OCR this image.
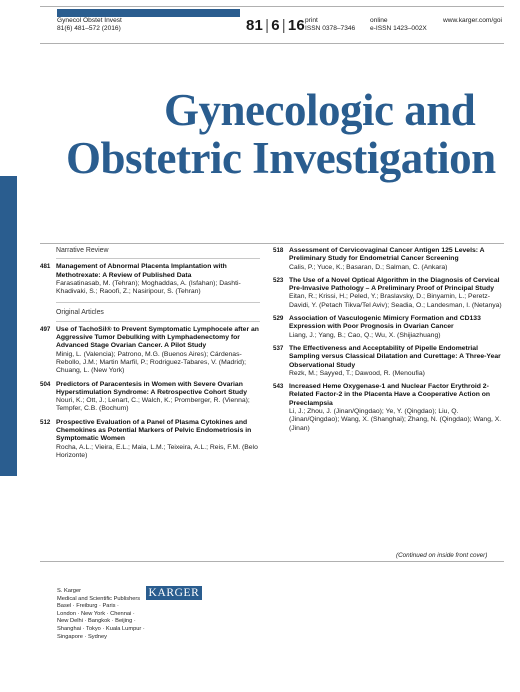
Gynecol Obstet Invest
81(6) 481–572 (2016)	81 | 6 | 16 print
ISSN 0378–7346
online
e-ISSN 1423–002X
www.karger.com/goi
Gynecologic and
Obstetric Investigation
Narrative Review
481 Management of Abnormal Placenta Implantation with Methotrexate: A Review of Published Data
Farasatinasab, M. (Tehran); Moghaddas, A. (Isfahan); Dashti-Khadivaki, S.; Raoofi, Z.; Nasiripour, S. (Tehran)
Original Articles
497 Use of TachoSil® to Prevent Symptomatic Lymphocele after an Aggressive Tumor Debulking with Lymphadenectomy for Advanced Stage Ovarian Cancer. A Pilot Study
Minig, L. (Valencia); Patrono, M.G. (Buenos Aires); Cárdenas-Rebollo, J.M.; Martin Marfil, P.; Rodriguez-Tabares, V. (Madrid); Chuang, L. (New York)
504 Predictors of Paracentesis in Women with Severe Ovarian Hyperstimulation Syndrome: A Retrospective Cohort Study
Nouri, K.; Ott, J.; Lenart, C.; Walch, K.; Promberger, R. (Vienna); Tempfer, C.B. (Bochum)
512 Prospective Evaluation of a Panel of Plasma Cytokines and Chemokines as Potential Markers of Pelvic Endometriosis in Symptomatic Women
Rocha, A.L.; Vieira, E.L.; Maia, L.M.; Teixeira, A.L.; Reis, F.M. (Belo Horizonte)
518 Assessment of Cervicovaginal Cancer Antigen 125 Levels: A Preliminary Study for Endometrial Cancer Screening
Calis, P.; Yuce, K.; Basaran, D.; Salman, C. (Ankara)
523 The Use of a Novel Optical Algorithm in the Diagnosis of Cervical Pre-Invasive Pathology – A Preliminary Proof of Principal Study
Eitan, R.; Krissi, H.; Peled, Y.; Braslavsky, D.; Binyamin, L.; Peretz-Davidi, Y. (Petach Tikva/Tel Aviv); Seadia, O.; Landesman, I. (Netanya)
529 Association of Vasculogenic Mimicry Formation and CD133 Expression with Poor Prognosis in Ovarian Cancer
Liang, J.; Yang, B.; Cao, Q.; Wu, X. (Shijiazhuang)
537 The Effectiveness and Acceptability of Pipelle Endometrial Sampling versus Classical Dilatation and Curettage: A Three-Year Observational Study
Rezk, M.; Sayyed, T.; Dawood, R. (Menoufia)
543 Increased Heme Oxygenase-1 and Nuclear Factor Erythroid 2-Related Factor-2 in the Placenta Have a Cooperative Action on Preeclampsia
Li, J.; Zhou, J. (Jinan/Qingdao); Ye, Y. (Qingdao); Liu, Q. (Jinan/Qingdao); Wang, X. (Shanghai); Zhang, N. (Qingdao); Wang, X. (Jinan)
(Continued on inside front cover)
S. Karger
Medical and Scientific Publishers
Basel · Freiburg · Paris ·
London · New York · Chennai ·
New Delhi · Bangkok · Beijing ·
Shanghai · Tokyo · Kuala Lumpur ·
Singapore · Sydney
KARGER
